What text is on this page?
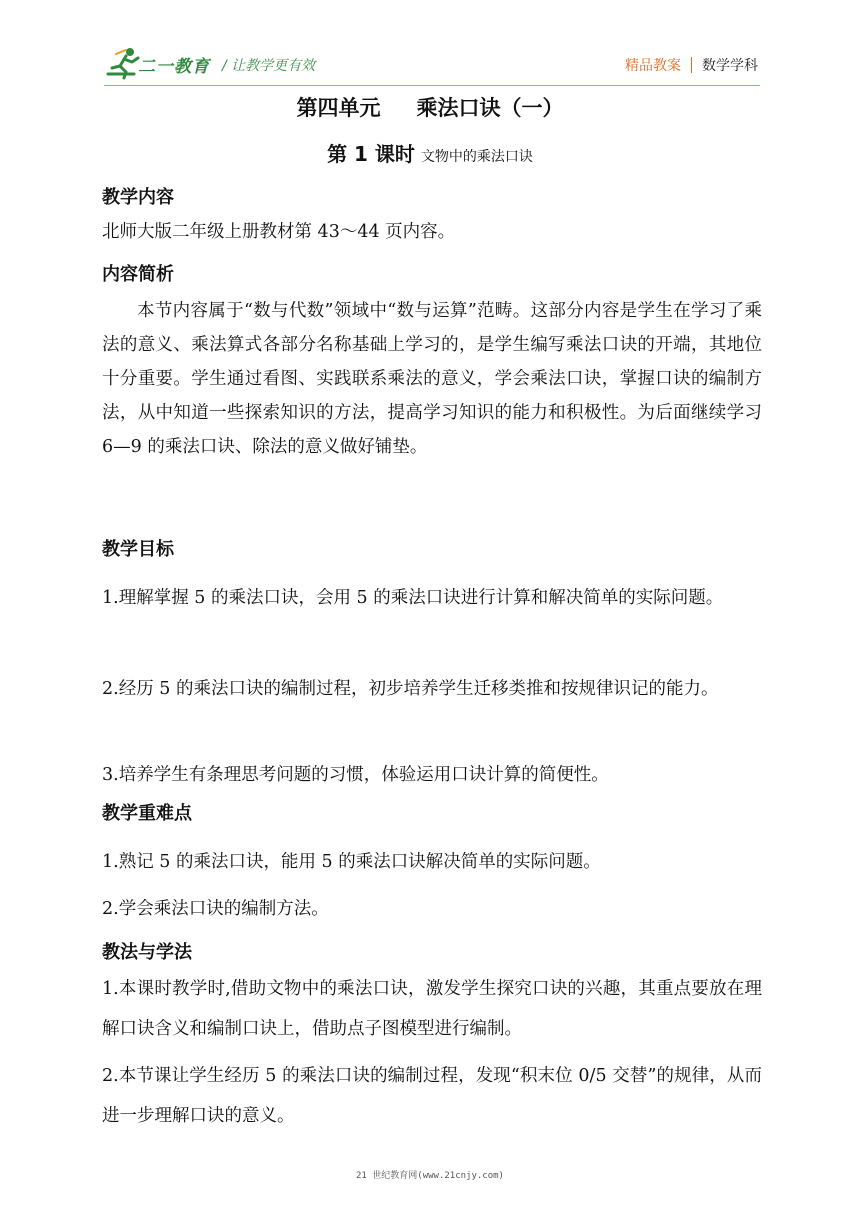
二一教育 / 让教学更有效	精品教案 数学学科
第四单元 乘法口诀（一）
第 1 课时 文物中的乘法口诀
教学内容
北师大版二年级上册教材第 43～44 页内容。
内容简析
本节内容属于“数与代数”领域中“数与运算”范畴。这部分内容是学生在学习了乘法的意义、乘法算式各部分名称基础上学习的，是学生编写乘法口诀的开端，其地位十分重要。学生通过看图、实践联系乘法的意义，学会乘法口诀，掌握口诀的编制方法，从中知道一些探索知识的方法，提高学习知识的能力和积极性。为后面继续学习 6—9 的乘法口诀、除法的意义做好铺垫。
教学目标
1.理解掌握 5 的乘法口诀，会用 5 的乘法口诀进行计算和解决简单的实际问题。
2.经历 5 的乘法口诀的编制过程，初步培养学生迁移类推和按规律识记的能力。
3.培养学生有条理思考问题的习惯，体验运用口诀计算的简便性。
教学重难点
1.熟记 5 的乘法口诀，能用 5 的乘法口诀解决简单的实际问题。
2.学会乘法口诀的编制方法。
教法与学法
1.本课时教学时,借助文物中的乘法口诀，激发学生探究口诀的兴趣，其重点要放在理解口诀含义和编制口诀上，借助点子图模型进行编制。
2.本节课让学生经历 5 的乘法口诀的编制过程，发现“积末位 0/5 交替”的规律，从而进一步理解口诀的意义。
21 世纪教育网(www.21cnjy.com)
